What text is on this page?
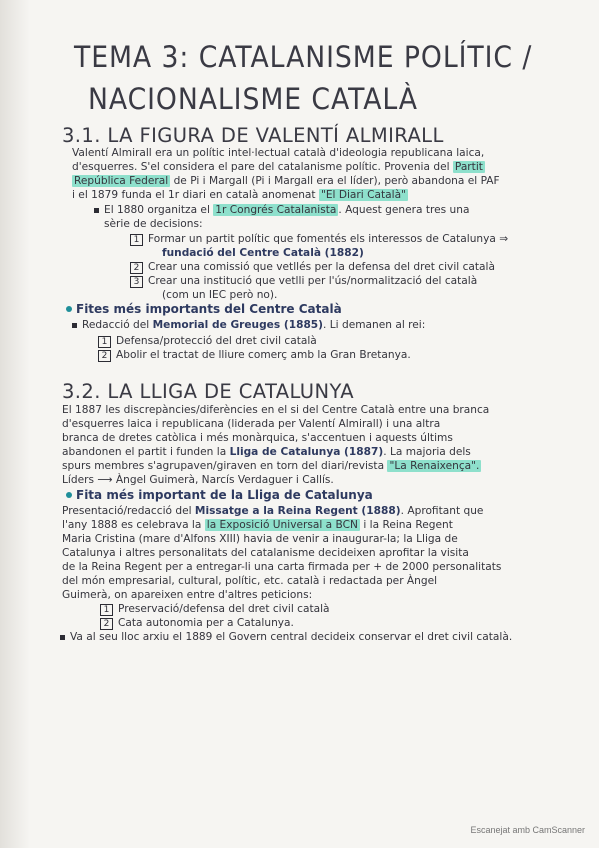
TEMA 3: CATALANISME POLÍTIC /
NACIONALISME CATALÀ
3.1. LA FIGURA DE VALENTÍ ALMIRALL
Valentí Almirall era un polític intel·lectual català d'ideologia republicana laica,
d'esquerres. S'el considera el pare del catalanisme polític. Provenia del Partit
República Federal de Pi i Margall (Pi i Margall era el líder), però abandona el PAF
i el 1879 funda el 1r diari en català anomenat "El Diari Català"
El 1880 organitza el 1r Congrés Catalanista . Aquest genera tres una
sèrie de decisions:
1 Formar un partit polític que fomentés els interessos de Catalunya ⇒
fundació del Centre Català (1882)
2 Crear una comissió que vetllés per la defensa del dret civil català
3 Crear una institució que vetlli per l'ús/normalització del català
(com un IEC però no).
Fites més importants del Centre Català
Redacció del Memorial de Greuges (1885). Li demanen al rei:
1 Defensa/protecció del dret civil català
2 Abolir el tractat de lliure comerç amb la Gran Bretanya.
3.2. LA LLIGA DE CATALUNYA
El 1887 les discrepàncies/diferències en el si del Centre Català entre una branca
d'esquerres laica i republicana (liderada per Valentí Almirall) i una altra
branca de dretes catòlica i més monàrquica, s'accentuen i aquests últims
abandonen el partit i funden la Lliga de Catalunya (1887). La majoria dels
spurs membres s'agrupaven/giraven en torn del diari/revista "La Renaixença".
Líders ⟶ Àngel Guimerà, Narcís Verdaguer i Callís.
Fita més important de la Lliga de Catalunya
Presentació/redacció del Missatge a la Reina Regent (1888). Aprofitant que
l'any 1888 es celebrava la la Exposició Universal a BCN i la Reina Regent
Maria Cristina (mare d'Alfons XIII) havia de venir a inaugurar-la; la Lliga de
Catalunya i altres personalitats del catalanisme decideixen aprofitar la visita
de la Reina Regent per a entregar-li una carta firmada per + de 2000 personalitats
del món empresarial, cultural, polític, etc. català i redactada per Àngel
Guimerà, on apareixen entre d'altres peticions:
1 Preservació/defensa del dret civil català
2 Cata autonomia per a Catalunya.
Va al seu lloc arxiu el 1889 el Govern central decideix conservar el dret civil català.
Escanejat amb CamScanner
